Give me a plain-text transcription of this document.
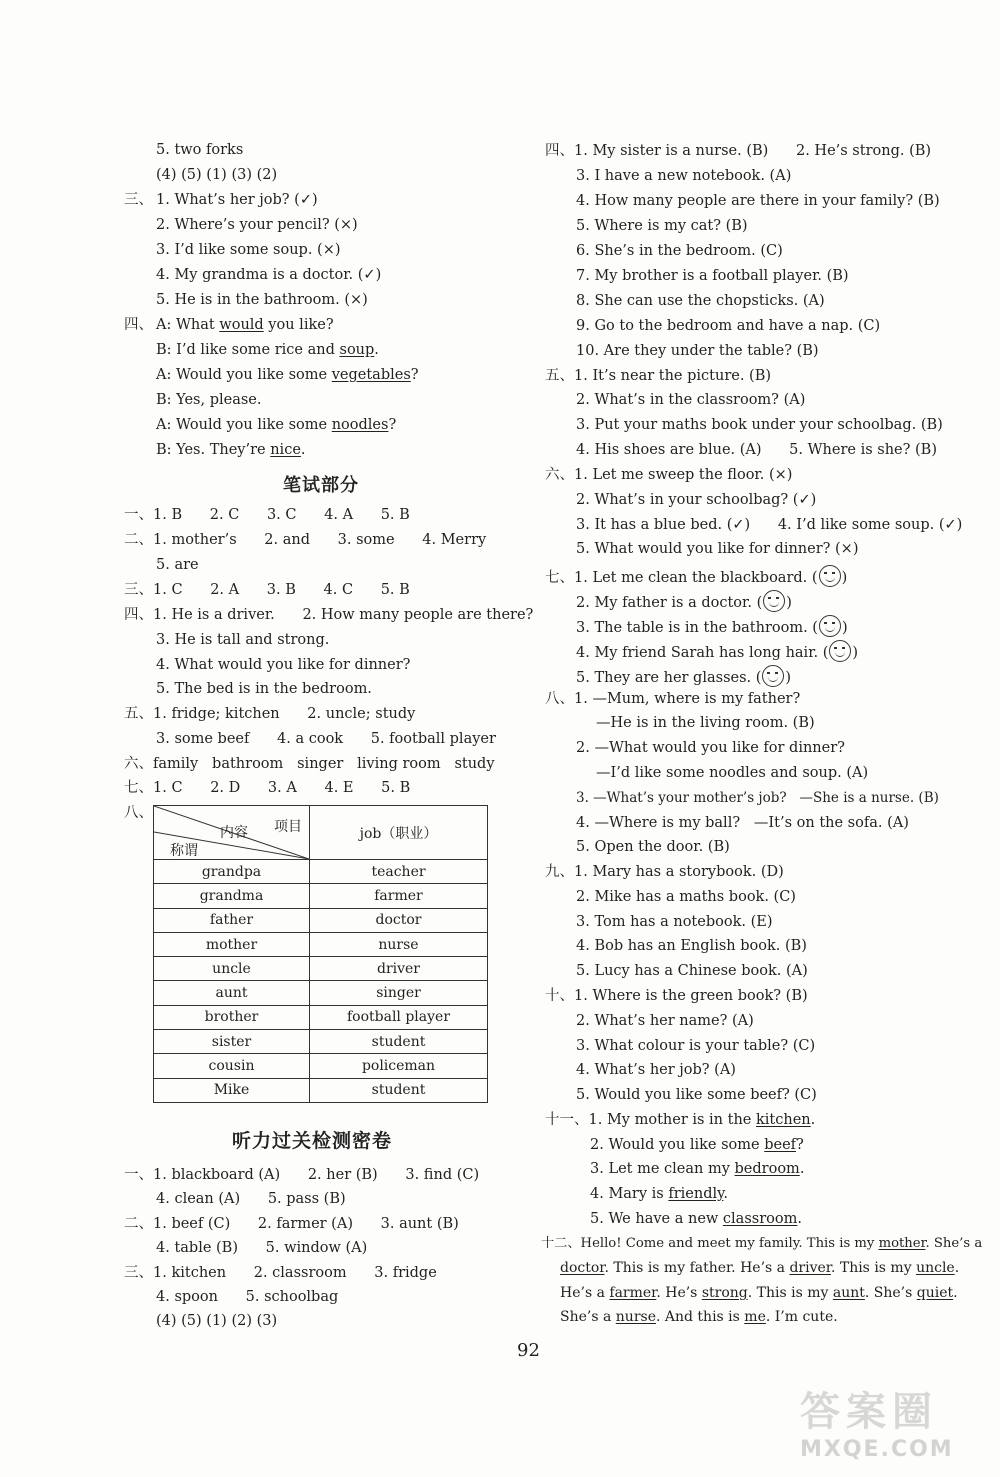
5. two forks
(4) (5) (1) (3) (2)
三、 1. What’s her job? (✓)
2. Where’s your pencil? (×)
3. I’d like some soup. (×)
4. My grandma is a doctor. (✓)
5. He is in the bathroom. (×)
四、 A: What would you like?
B: I’d like some rice and soup.
A: Would you like some vegetables?
B: Yes, please.
A: Would you like some noodles?
B: Yes. They’re nice.
笔试部分
一、1. B      2. C      3. C      4. A      5. B
二、1. mother’s      2. and      3. some      4. Merry
5. are
三、1. C      2. A      3. B      4. C      5. B
四、1. He is a driver.      2. How many people are there?
3. He is tall and strong.
4. What would you like for dinner?
5. The bed is in the bedroom.
五、1. fridge; kitchen      2. uncle; study
3. some beef      4. a cook      5. football player
六、family   bathroom   singer   living room   study
七、1. C      2. D      3. A      4. E      5. B
八、
项目
内容
称谓	job（职业）
grandpa	teacher
grandma	farmer
father	doctor
mother	nurse
uncle	driver
aunt	singer
brother	football player
sister	student
cousin	policeman
Mike	student
听力过关检测密卷
一、1. blackboard (A)      2. her (B)      3. find (C)
4. clean (A)      5. pass (B)
二、1. beef (C)      2. farmer (A)      3. aunt (B)
4. table (B)      5. window (A)
三、1. kitchen      2. classroom      3. fridge
4. spoon      5. schoolbag
(4) (5) (1) (2) (3)
四、1. My sister is a nurse. (B)      2. He’s strong. (B)
3. I have a new notebook. (A)
4. How many people are there in your family? (B)
5. Where is my cat? (B)
6. She’s in the bedroom. (C)
7. My brother is a football player. (B)
8. She can use the chopsticks. (A)
9. Go to the bedroom and have a nap. (C)
10. Are they under the table? (B)
五、1. It’s near the picture. (B)
2. What’s in the classroom? (A)
3. Put your maths book under your schoolbag. (B)
4. His shoes are blue. (A)      5. Where is she? (B)
六、1. Let me sweep the floor. (×)
2. What’s in your schoolbag? (✓)
3. It has a blue bed. (✓)      4. I’d like some soup. (✓)
5. What would you like for dinner? (×)
七、1. Let me clean the blackboard. ( )
2. My father is a doctor. ( )
3. The table is in the bathroom. ( )
4. My friend Sarah has long hair. ( )
5. They are her glasses. ( )
八、1. —Mum, where is my father?
—He is in the living room. (B)
2. —What would you like for dinner?
—I’d like some noodles and soup. (A)
3. —What’s your mother’s job?   —She is a nurse. (B)
4. —Where is my ball?   —It’s on the sofa. (A)
5. Open the door. (B)
九、1. Mary has a storybook. (D)
2. Mike has a maths book. (C)
3. Tom has a notebook. (E)
4. Bob has an English book. (B)
5. Lucy has a Chinese book. (A)
十、1. Where is the green book? (B)
2. What’s her name? (A)
3. What colour is your table? (C)
4. What’s her job? (A)
5. Would you like some beef? (C)
十一、1. My mother is in the kitchen.
2. Would you like some beef?
3. Let me clean my bedroom.
4. Mary is friendly.
5. We have a new classroom.
十二、Hello! Come and meet my family. This is my mother. She’s a
doctor. This is my father. He’s a driver. This is my uncle.
He’s a farmer. He’s strong. This is my aunt. She’s quiet.
She’s a nurse. And this is me. I’m cute.
92
答案圈
MXQE.COM
